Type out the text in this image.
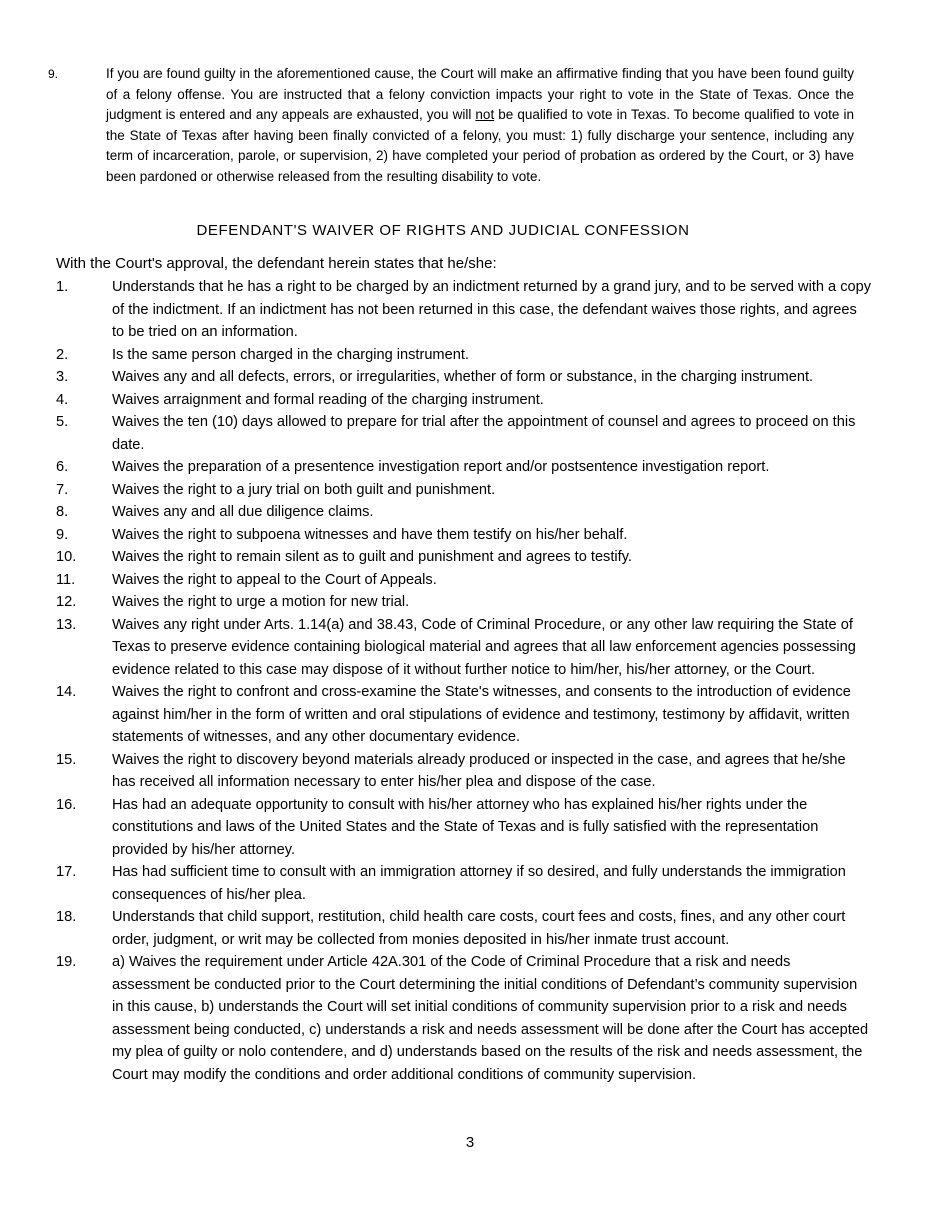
9.	If you are found guilty in the aforementioned cause, the Court will make an affirmative finding that you have been found guilty of a felony offense. You are instructed that a felony conviction impacts your right to vote in the State of Texas. Once the judgment is entered and any appeals are exhausted, you will not be qualified to vote in Texas. To become qualified to vote in the State of Texas after having been finally convicted of a felony, you must: 1) fully discharge your sentence, including any term of incarceration, parole, or supervision, 2) have completed your period of probation as ordered by the Court, or 3) have been pardoned or otherwise released from the resulting disability to vote.
DEFENDANT'S WAIVER OF RIGHTS AND JUDICIAL CONFESSION
With the Court's approval, the defendant herein states that he/she:
1.	Understands that he has a right to be charged by an indictment returned by a grand jury, and to be served with a copy of the indictment. If an indictment has not been returned in this case, the defendant waives those rights, and agrees to be tried on an information.
2.	Is the same person charged in the charging instrument.
3.	Waives any and all defects, errors, or irregularities, whether of form or substance, in the charging instrument.
4.	Waives arraignment and formal reading of the charging instrument.
5.	Waives the ten (10) days allowed to prepare for trial after the appointment of counsel and agrees to proceed on this date.
6.	Waives the preparation of a presentence investigation report and/or postsentence investigation report.
7.	Waives the right to a jury trial on both guilt and punishment.
8.	Waives any and all due diligence claims.
9.	Waives the right to subpoena witnesses and have them testify on his/her behalf.
10. Waives the right to remain silent as to guilt and punishment and agrees to testify.
11.	Waives the right to appeal to the Court of Appeals.
12. Waives the right to urge a motion for new trial.
13. Waives any right under Arts. 1.14(a) and 38.43, Code of Criminal Procedure, or any other law requiring the State of Texas to preserve evidence containing biological material and agrees that all law enforcement agencies possessing evidence related to this case may dispose of it without further notice to him/her, his/her attorney, or the Court.
14. Waives the right to confront and cross-examine the State's witnesses, and consents to the introduction of evidence against him/her in the form of written and oral stipulations of evidence and testimony, testimony by affidavit, written statements of witnesses, and any other documentary evidence.
15. Waives the right to discovery beyond materials already produced or inspected in the case, and agrees that he/she has received all information necessary to enter his/her plea and dispose of the case.
16. Has had an adequate opportunity to consult with his/her attorney who has explained his/her rights under the constitutions and laws of the United States and the State of Texas and is fully satisfied with the representation provided by his/her attorney.
17. Has had sufficient time to consult with an immigration attorney if so desired, and fully understands the immigration consequences of his/her plea.
18. Understands that child support, restitution, child health care costs, court fees and costs, fines, and any other court order, judgment, or writ may be collected from monies deposited in his/her inmate trust account.
19. a) Waives the requirement under Article 42A.301 of the Code of Criminal Procedure that a risk and needs assessment be conducted prior to the Court determining the initial conditions of Defendant’s community supervision in this cause, b) understands the Court will set initial conditions of community supervision prior to a risk and needs assessment being conducted, c) understands a risk and needs assessment will be done after the Court has accepted my plea of guilty or nolo contendere, and d) understands based on the results of the risk and needs assessment, the Court may modify the conditions and order additional conditions of community supervision.
3
